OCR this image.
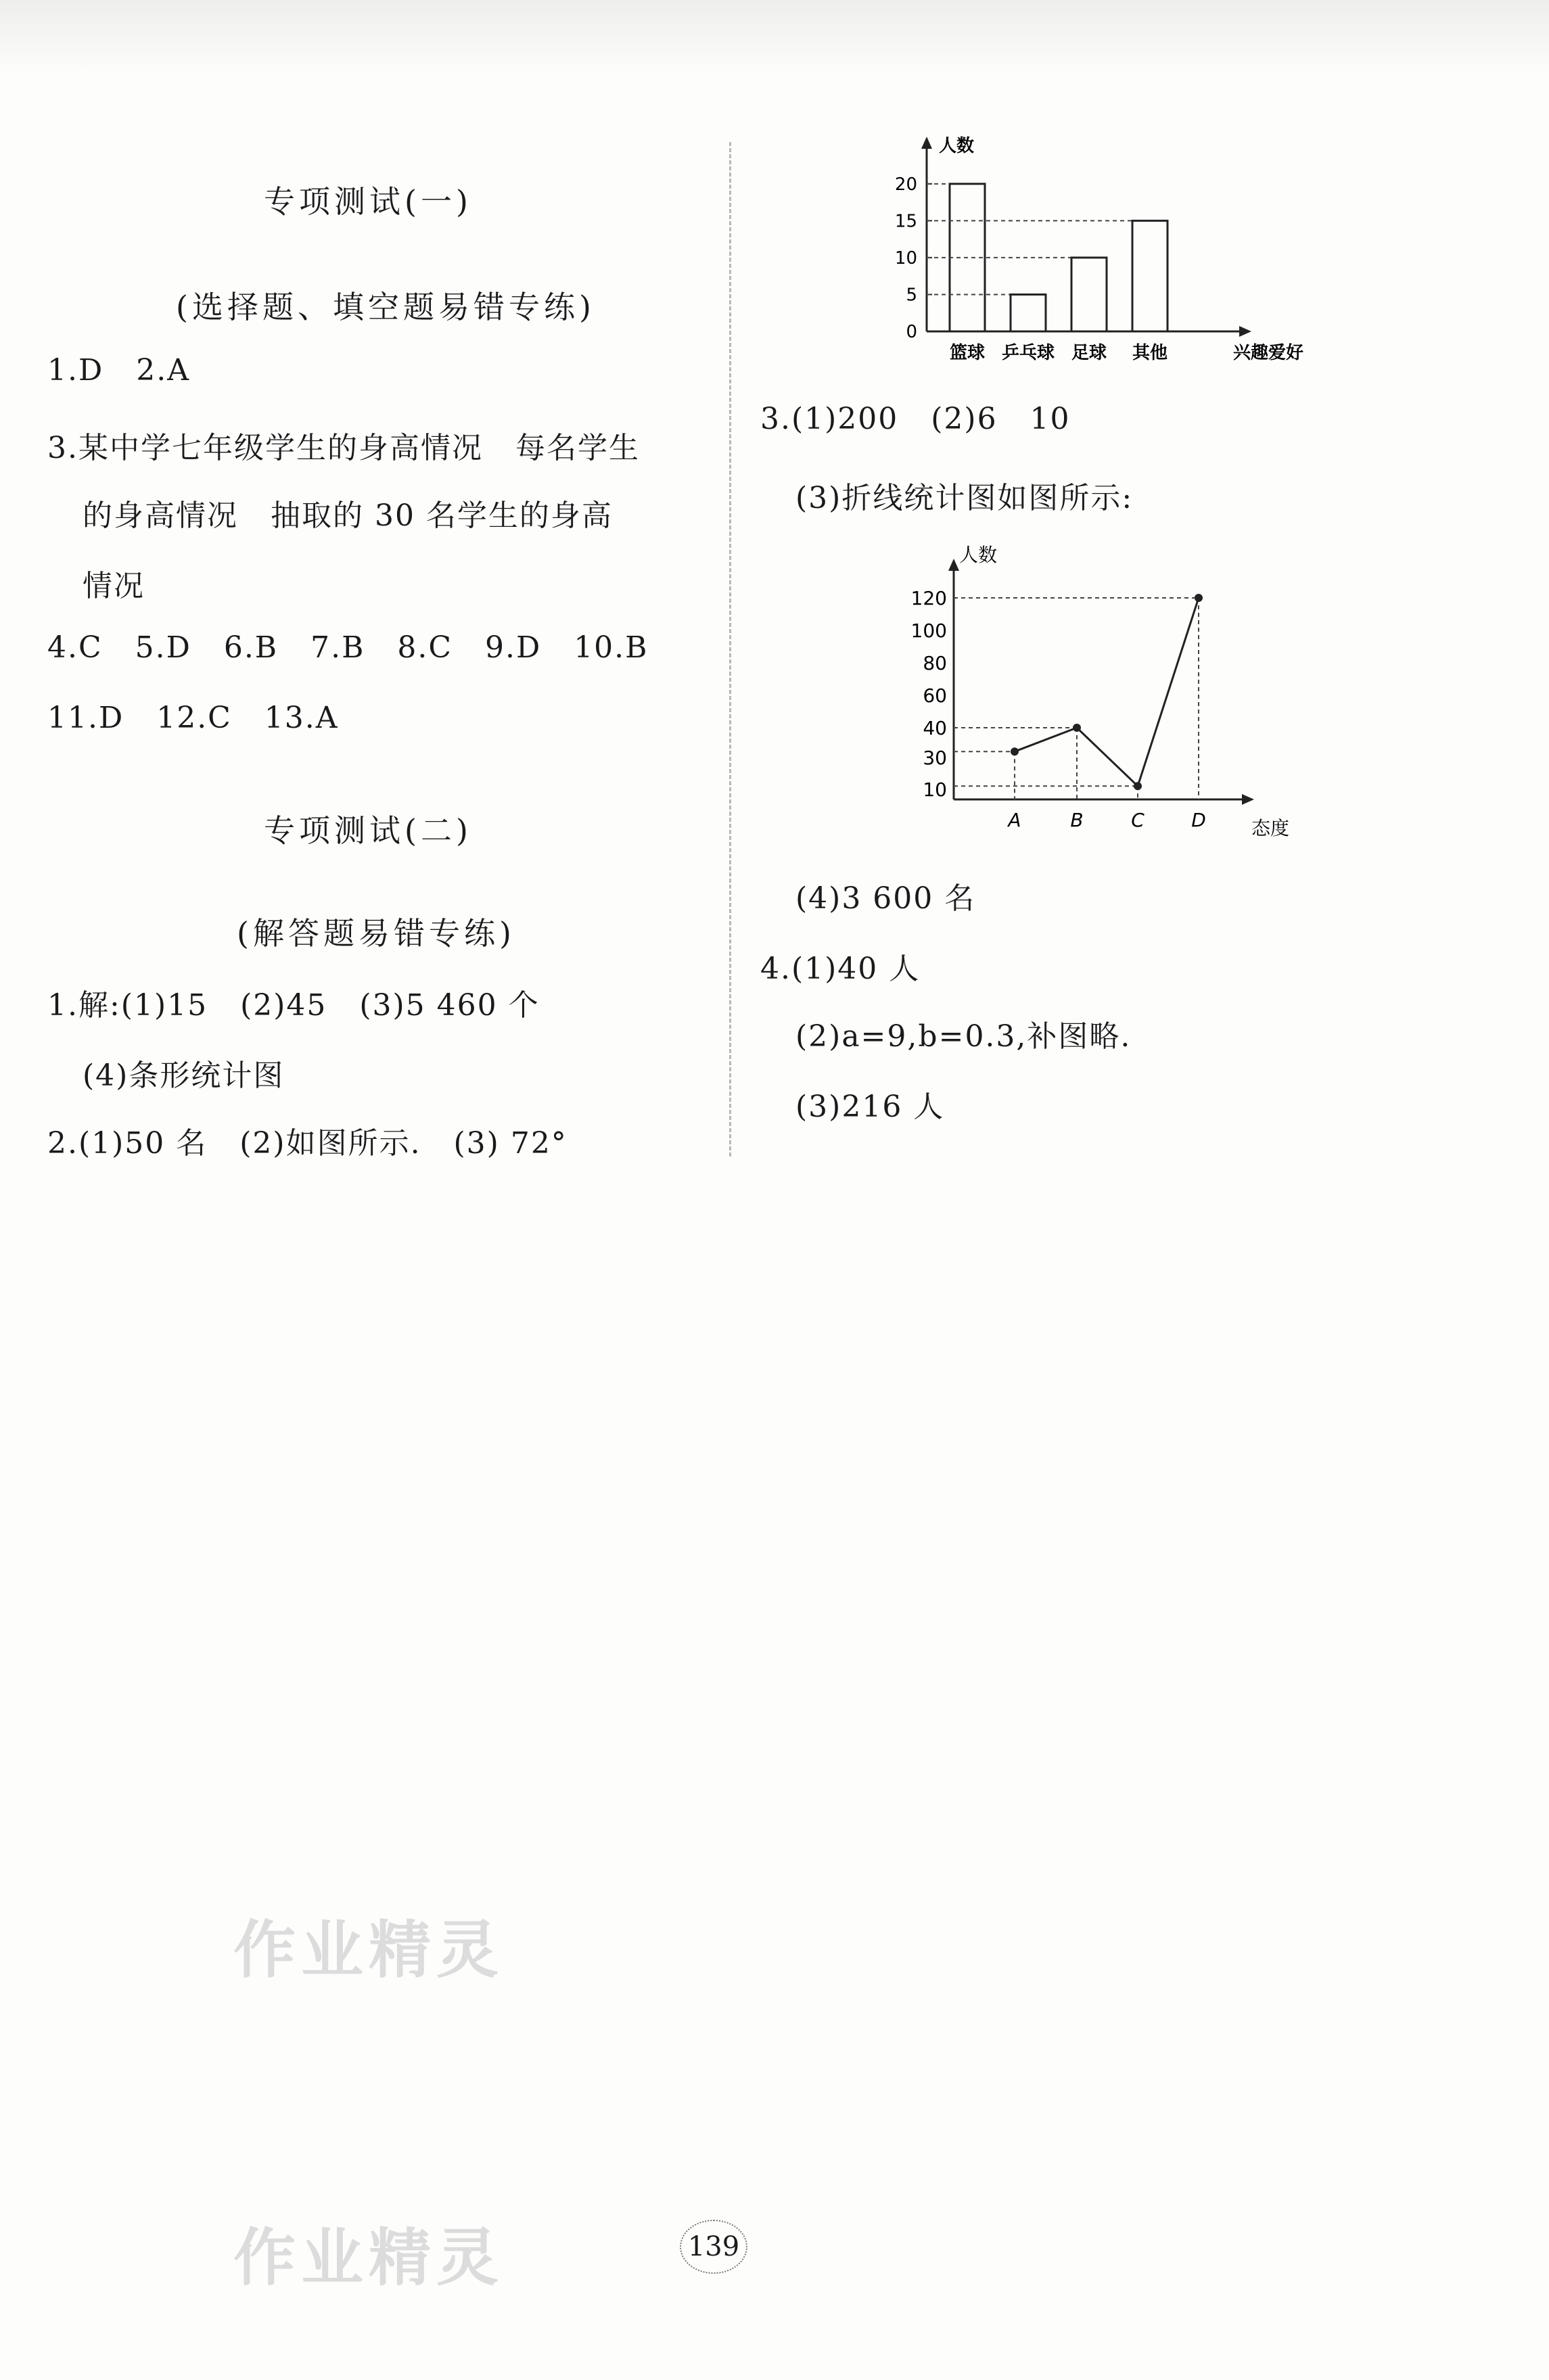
专项测试(一)
(选择题、填空题易错专练)
1.D   2.A
3.某中学七年级学生的身高情况   每名学生
的身高情况   抽取的 30 名学生的身高
情况
4.C   5.D   6.B   7.B   8.C   9.D   10.B
11.D   12.C   13.A
专项测试(二)
(解答题易错专练)
1.解:(1)15   (2)45   (3)5 460 个
(4)条形统计图
2.(1)50 名   (2)如图所示.   (3) 72°
人数
0
5
10
15
20
篮球 乒乓球 足球 其他	兴趣爱好
3.(1)200   (2)6   10
(3)折线统计图如图所示:
人数
10
30
40
60
80
100
120
A	B	C D 态度
(4)3 600 名
4.(1)40 人
(2)a=9,b=0.3,补图略.
(3)216 人
作业精灵
作业精灵	139
